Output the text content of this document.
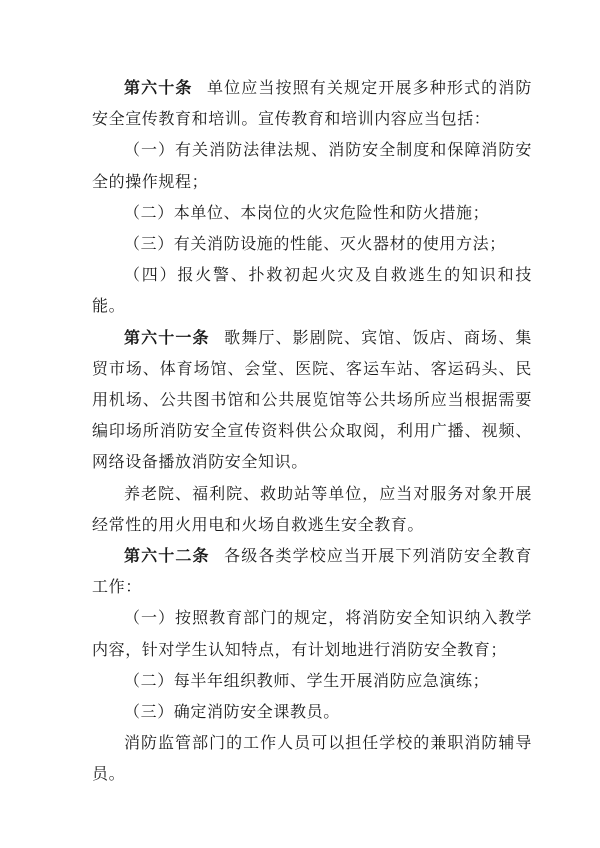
第六十条 单位应当按照有关规定开展多种形式的消防安全宣传教育和培训。宣传教育和培训内容应当包括：

（一）有关消防法律法规、消防安全制度和保障消防安全的操作规程；

（二）本单位、本岗位的火灾危险性和防火措施；

（三）有关消防设施的性能、灭火器材的使用方法；

（四）报火警、扑救初起火灾及自救逃生的知识和技能。

第六十一条 歌舞厅、影剧院、宾馆、饭店、商场、集贸市场、体育场馆、会堂、医院、客运车站、客运码头、民用机场、公共图书馆和公共展览馆等公共场所应当根据需要编印场所消防安全宣传资料供公众取阅，利用广播、视频、网络设备播放消防安全知识。

养老院、福利院、救助站等单位，应当对服务对象开展经常性的用火用电和火场自救逃生安全教育。

第六十二条 各级各类学校应当开展下列消防安全教育工作：

（一）按照教育部门的规定，将消防安全知识纳入教学内容，针对学生认知特点，有计划地进行消防安全教育；

（二）每半年组织教师、学生开展消防应急演练；

（三）确定消防安全课教员。

消防监管部门的工作人员可以担任学校的兼职消防辅导员。
